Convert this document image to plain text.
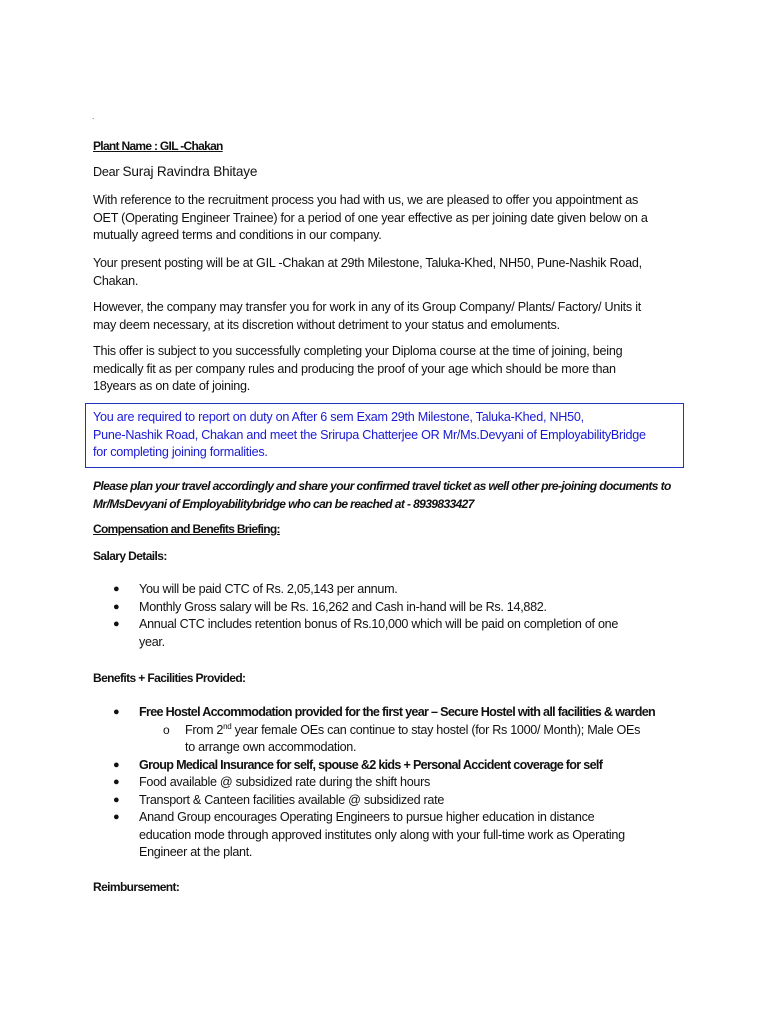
.

Plant Name : GIL -Chakan

Dear Suraj Ravindra Bhitaye

With reference to the recruitment process you had with us, we are pleased to offer you appointment as

OET (Operating Engineer Trainee) for a period of one year effective as per joining date given below on a

mutually agreed terms and conditions in our company.

Your present posting will be at GIL -Chakan at 29th Milestone, Taluka-Khed, NH50, Pune-Nashik Road,

Chakan.

However, the company may transfer you for work in any of its Group Company/ Plants/ Factory/ Units it

may deem necessary, at its discretion without detriment to your status and emoluments.

This offer is subject to you successfully completing your Diploma course at the time of joining, being

medically fit as per company rules and producing the proof of your age which should be more than

18years as on date of joining.

You are required to report on duty on After 6 sem Exam 29th Milestone, Taluka-Khed, NH50,

Pune-Nashik Road, Chakan and meet the Srirupa Chatterjee OR Mr/Ms.Devyani of EmployabilityBridge

for completing joining formalities.

Please plan your travel accordingly and share your confirmed travel ticket as well other pre-joining documents to

Mr/MsDevyani of Employabilitybridge who can be reached at - 8939833427

Compensation and Benefits Briefing:

Salary Details:

● You will be paid CTC of Rs. 2,05,143 per annum.
● Monthly Gross salary will be Rs. 16,262 and Cash in-hand will be Rs. 14,882.
● Annual CTC includes retention bonus of Rs.10,000 which will be paid on completion of one
year.

Benefits + Facilities Provided:

● Free Hostel Accommodation provided for the first year – Secure Hostel with all facilities & warden
o From 2nd year female OEs can continue to stay hostel (for Rs 1000/ Month); Male OEs
to arrange own accommodation.
● Group Medical Insurance for self, spouse &2 kids + Personal Accident coverage for self
● Food available @ subsidized rate during the shift hours
● Transport & Canteen facilities available @ subsidized rate
● Anand Group encourages Operating Engineers to pursue higher education in distance
education mode through approved institutes only along with your full-time work as Operating
Engineer at the plant.

Reimbursement:
